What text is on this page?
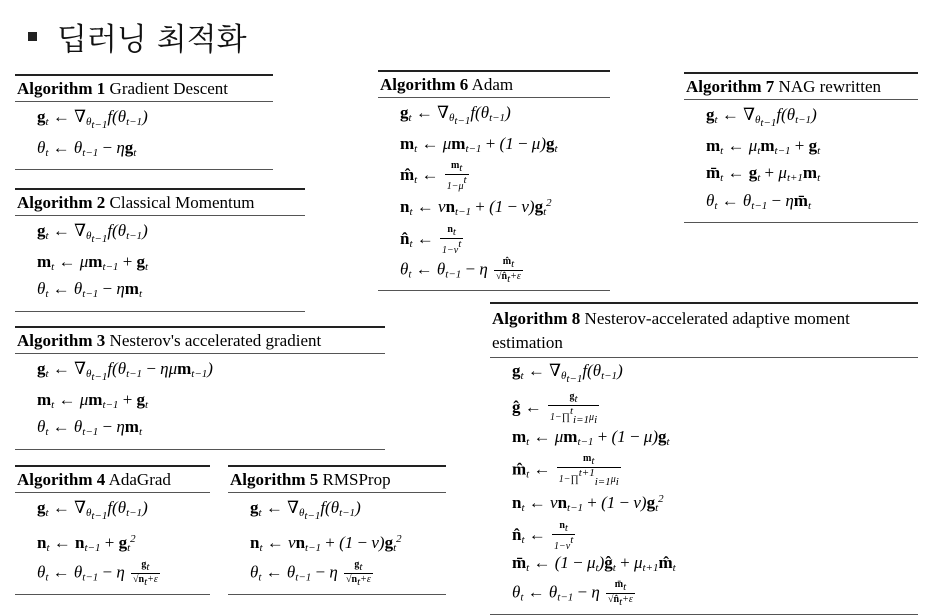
딥러닝 최적화
Algorithm 1 Gradient Descent
$g_t$ ← $\nabla_{\theta_{t-1}}f(\theta_{t-1})$
$\theta_t$ ← $\theta_{t-1} - \eta g_t$
Algorithm 2 Classical Momentum
$g_t$ ← $\nabla_{\theta_{t-1}}f(\theta_{t-1})$
$m_t$ ← $\mu m_{t-1} + g_t$
$\theta_t$ ← $\theta_{t-1} - \eta m_t$
Algorithm 3 Nesterov's accelerated gradient
$g_t$ ← $\nabla_{\theta_{t-1}}f(\theta_{t-1} - \eta\mu m_{t-1})$
$m_t$ ← $\mu m_{t-1} + g_t$
$\theta_t$ ← $\theta_{t-1} - \eta m_t$
Algorithm 4 AdaGrad
$g_t$ ← $\nabla_{\theta_{t-1}}f(\theta_{t-1})$
$n_t$ ← $n_{t-1} + g_t^2$
$\theta_t$ ← $\theta_{t-1} - \eta \frac{g_t}{√n_t+\varepsilon}$
Algorithm 5 RMSProp
$g_t$ ← $\nabla_{\theta_{t-1}}f(\theta_{t-1})$
$n_t$ ← $\nu n_{t-1} + (1 - \nu)g_t^2$
$\theta_t$ ← $\theta_{t-1} - \eta \frac{g_t}{√n_t+\varepsilon}$
Algorithm 6 Adam
$g_t$ ← $\nabla_{\theta_{t-1}}f(\theta_{t-1})$
$m_t$ ← $\mu m_{t-1} + (1 - \mu)g_t$
$m̂_t$ ← $\frac{m_t}{1-\mu^t}$
$n_t$ ← $\nu n_{t-1} + (1 - \nu)g_t^2$
$n̂_t$ ← $\frac{n_t}{1-\nu^t}$
$\theta_t$ ← $\theta_{t-1} - \eta \frac{m̂_t}{√n̂_t+\varepsilon}$
Algorithm 7 NAG rewritten
$g_t$ ← $\nabla_{\theta_{t-1}}f(\theta_{t-1})$
$m_t$ ← $\mu_tm_{t-1} + g_t$
$m̄_t$ ← $g_t + \mu_{t+1}m_t$
$\theta_t$ ← $\theta_{t-1}$ − $\eta m̄_t$
Algorithm 8 Nesterov-accelerated adaptive moment estimation
$g_t$ ← $\nabla_{\theta_{t-1}}f(\theta_{t-1})$
ĝ ← $\frac{g_t}{1-\prod^t_{i=1}\mu_i}$
$m_t$ ← $\mu m_{t-1} + (1 - \mu)g_t$
$m̂_t$ ← $\frac{m_t}{1-\prod^{t+1}_{i=1}\mu_i}$
$n_t$ ← $\nu n_{t-1} + (1 - \nu)g_t^2$
$n̂_t$ ← $\frac{n_t}{1-\nu^t}$
$m̄_t$ ← $(1 - \mu_t)ĝ_t$ + $\mu_{t+1}m̂_t$
$\theta_t$ ← $\theta_{t-1} - \eta \frac{m̄_t}{√n̂_t+\varepsilon}$
